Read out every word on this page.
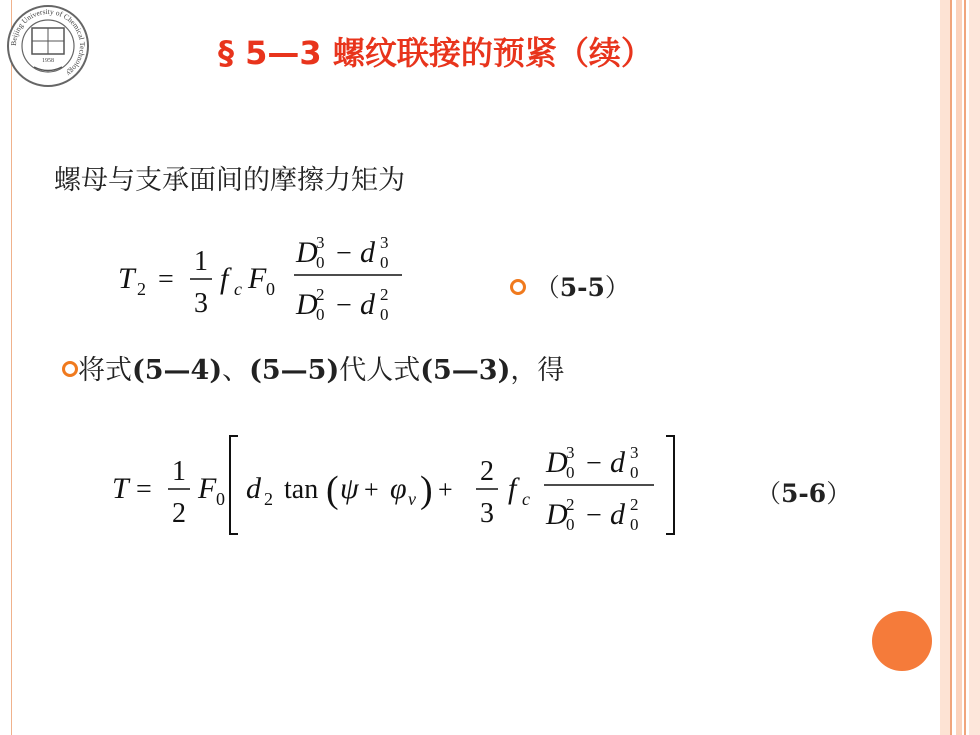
Beijing University of Chemical Technology
1958	§ 5—3 螺纹联接的预紧（续）
螺母与支承面间的摩擦力矩为
T 2 =
1
3
f c F 0
D
3
0 − d 3
0
D
2
0 − d 2
0
（5-5）
将式(5—4)、(5—5)代人式(5—3)，得
T =
1
2
F 0 d 2 tan ( ψ + φ v ) +
2
3
f c
D
3
0 − d 3
0
D
2
0 − d 2
0
（5-6）
